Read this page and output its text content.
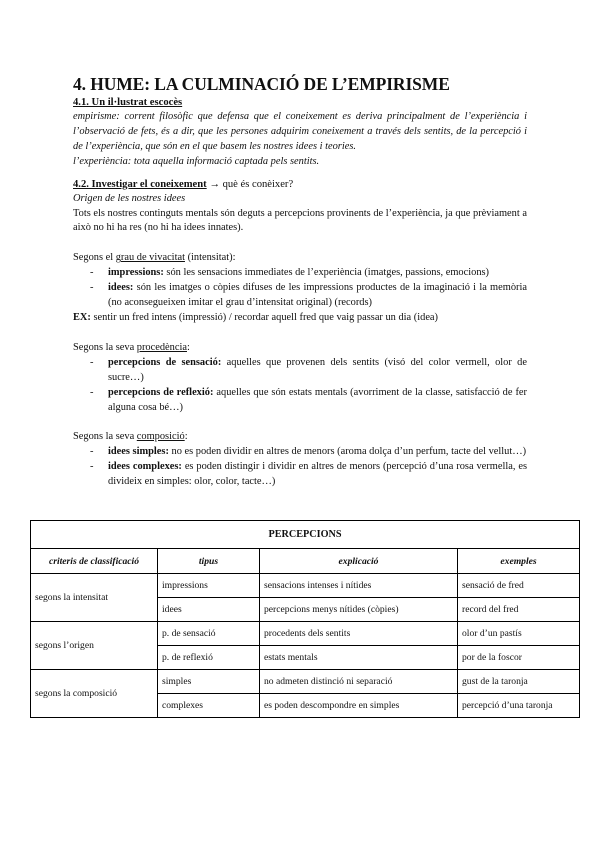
4. HUME: LA CULMINACIÓ DE L’EMPIRISME

4.1. Un il·lustrat escocès

empirisme: corrent filosòfic que defensa que el coneixement es deriva principalment de l’experiència i l’observació de fets, és a dir, que les persones adquirim coneixement a través dels sentits, de la percepció i de l’experiència, que són en el que basem les nostres idees i teories.

l’experiència: tota aquella informació captada pels sentits.

4.2. Investigar el coneixement → què és conèixer?

Origen de les nostres idees

Tots els nostres continguts mentals són deguts a percepcions provinents de l’experiència, ja que prèviament a això no hi ha res (no hi ha idees innates).

Segons el grau de vivacitat (intensitat):

- impressions: són les sensacions immediates de l’experiència (imatges, passions, emocions)
- idees: són les imatges o còpies difuses de les impressions productes de la imaginació i la memòria (no aconsegueixen imitar el grau d’intensitat original) (records)

EX: sentir un fred intens (impressió) / recordar aquell fred que vaig passar un dia (idea)

Segons la seva procedència:

- percepcions de sensació: aquelles que provenen dels sentits (visó del color vermell, olor de sucre…)
- percepcions de reflexió: aquelles que són estats mentals (avorriment de la classe, satisfacció de fer alguna cosa bé…)

Segons la seva composició:

- idees simples: no es poden dividir en altres de menors (aroma dolça d’un perfum, tacte del vellut…)
- idees complexes: es poden distingir i dividir en altres de menors (percepció d’una rosa vermella, es divideix en simples: olor, color, tacte…)
PERCEPCIONS			
criteris de classificació	tipus	explicació	exemples
segons la intensitat	impressions	sensacions intenses i nítides	sensació de fred
	idees	percepcions menys nítides (còpies)	record del fred
segons l’origen	p. de sensació	procedents dels sentits	olor d’un pastís
	p. de reflexió	estats mentals	por de la foscor
segons la composició	simples	no admeten distinció ni separació	gust de la taronja
	complexes	es poden descompondre en simples	percepció d’una taronja
